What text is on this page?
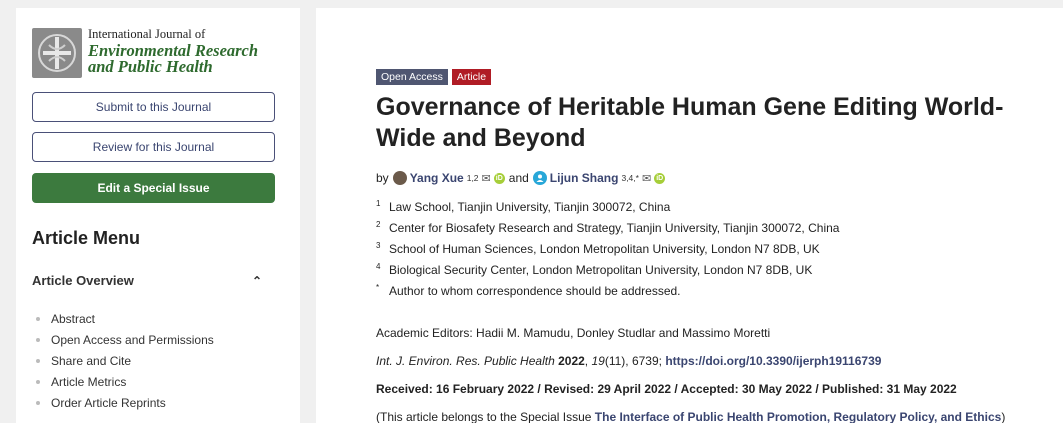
International Journal of
Environmental Research
and Public Health
Submit to this Journal
Review for this Journal
Edit a Special Issue
Article Menu
Article Overview	⌃
Abstract
Open Access and Permissions
Share and Cite
Article Metrics
Order Article Reprints
Open Access	Article
Governance of Heritable Human Gene Editing World-Wide and Beyond
by Yang Xue 1,2 ✉ iD and Lijun Shang 3,4,* ✉ iD
1 Law School, Tianjin University, Tianjin 300072, China
2 Center for Biosafety Research and Strategy, Tianjin University, Tianjin 300072, China
3 School of Human Sciences, London Metropolitan University, London N7 8DB, UK
4 Biological Security Center, London Metropolitan University, London N7 8DB, UK
* Author to whom correspondence should be addressed.
Academic Editors: Hadii M. Mamudu, Donley Studlar and Massimo Moretti
Int. J. Environ. Res. Public Health 2022, 19(11), 6739; https://doi.org/10.3390/ijerph19116739
Received: 16 February 2022 / Revised: 29 April 2022 / Accepted: 30 May 2022 / Published: 31 May 2022
(This article belongs to the Special Issue The Interface of Public Health Promotion, Regulatory Policy, and Ethics)
